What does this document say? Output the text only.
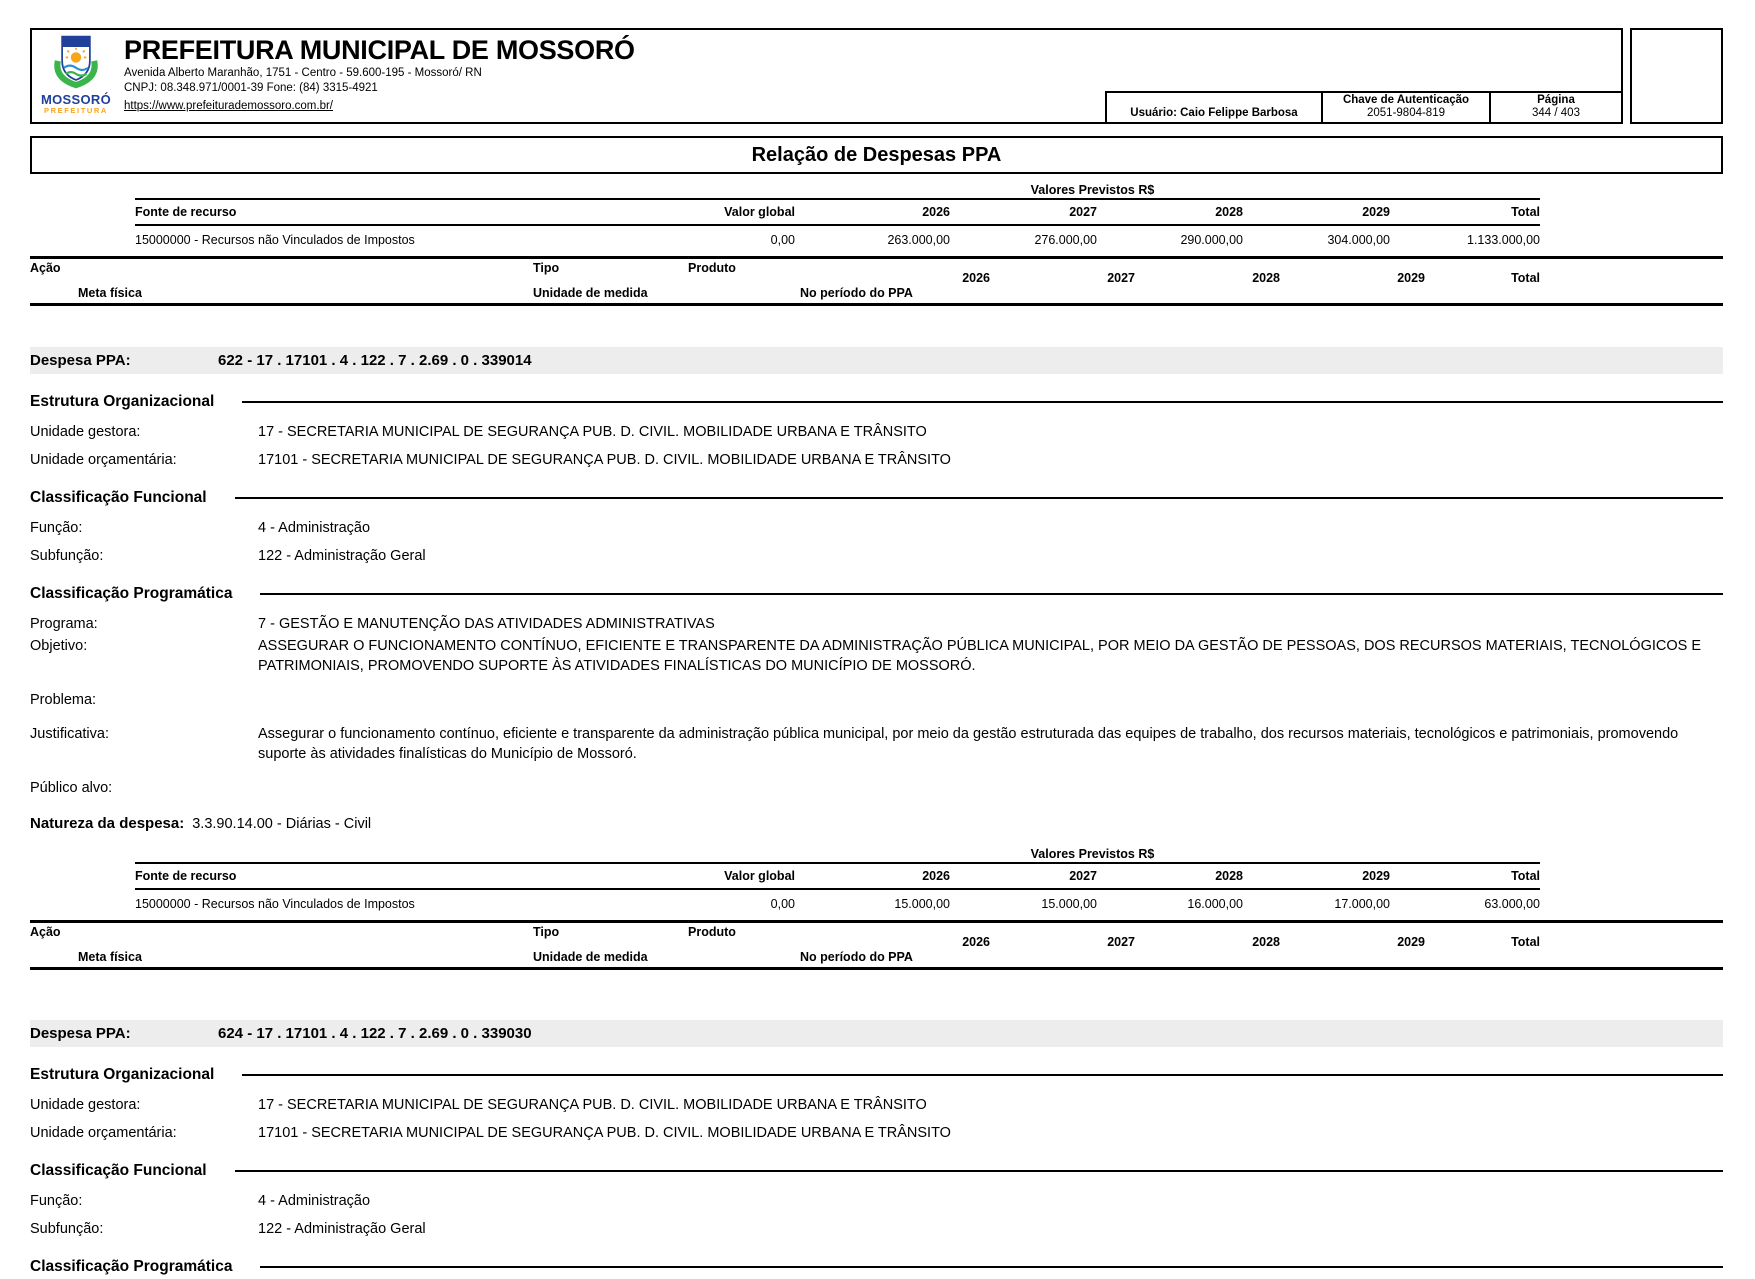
MOSSORÓ
PREFEITURA
PREFEITURA MUNICIPAL DE MOSSORÓ
Avenida Alberto Maranhão, 1751 - Centro - 59.600-195 - Mossoró/ RN
CNPJ: 08.348.971/0001-39 Fone: (84) 3315-4921
https://www.prefeiturademossoro.com.br/
Usuário: Caio Felippe Barbosa	
Chave de Autenticação
2051-9804-819

Página
344 / 403
Relação de Despesas PPA
Valores Previstos R$
Fonte de recurso	Valor global	2026	2027	2028	2029	Total
15000000 - Recursos não Vinculados de Impostos	0,00	263.000,00	276.000,00	290.000,00	304.000,00	1.133.000,00
Ação	Tipo	Produto
2026	2027	2028	2029	Total
Meta física	Unidade de medida	No período do PPA
Despesa PPA:	622 - 17 . 17101 . 4 . 122 . 7 . 2.69 . 0 . 339014
Estrutura Organizacional
Unidade gestora:	17 - SECRETARIA MUNICIPAL DE SEGURANÇA PUB. D. CIVIL. MOBILIDADE URBANA E TRÂNSITO
Unidade orçamentária:	17101 - SECRETARIA MUNICIPAL DE SEGURANÇA PUB. D. CIVIL. MOBILIDADE URBANA E TRÂNSITO
Classificação Funcional
Função:	4 - Administração
Subfunção:	122 - Administração Geral
Classificação Programática
Programa:	7 - GESTÃO E MANUTENÇÃO DAS ATIVIDADES ADMINISTRATIVAS
Objetivo:	ASSEGURAR O FUNCIONAMENTO CONTÍNUO, EFICIENTE E TRANSPARENTE DA ADMINISTRAÇÃO PÚBLICA MUNICIPAL, POR MEIO DA GESTÃO DE PESSOAS, DOS RECURSOS MATERIAIS, TECNOLÓGICOS E PATRIMONIAIS, PROMOVENDO SUPORTE ÀS ATIVIDADES FINALÍSTICAS DO MUNICÍPIO DE MOSSORÓ.
Problema:
Justificativa:	Assegurar o funcionamento contínuo, eficiente e transparente da administração pública municipal, por meio da gestão estruturada das equipes de trabalho, dos recursos materiais, tecnológicos e patrimoniais, promovendo suporte às atividades finalísticas do Município de Mossoró.
Público alvo:
Natureza da despesa: 3.3.90.14.00 - Diárias - Civil
Valores Previstos R$
Fonte de recurso	Valor global	2026	2027	2028	2029	Total
15000000 - Recursos não Vinculados de Impostos	0,00	15.000,00	15.000,00	16.000,00	17.000,00	63.000,00
Ação	Tipo	Produto
2026	2027	2028	2029	Total
Meta física	Unidade de medida	No período do PPA
Despesa PPA:	624 - 17 . 17101 . 4 . 122 . 7 . 2.69 . 0 . 339030
Estrutura Organizacional
Unidade gestora:	17 - SECRETARIA MUNICIPAL DE SEGURANÇA PUB. D. CIVIL. MOBILIDADE URBANA E TRÂNSITO
Unidade orçamentária:	17101 - SECRETARIA MUNICIPAL DE SEGURANÇA PUB. D. CIVIL. MOBILIDADE URBANA E TRÂNSITO
Classificação Funcional
Função:	4 - Administração
Subfunção:	122 - Administração Geral
Classificação Programática
